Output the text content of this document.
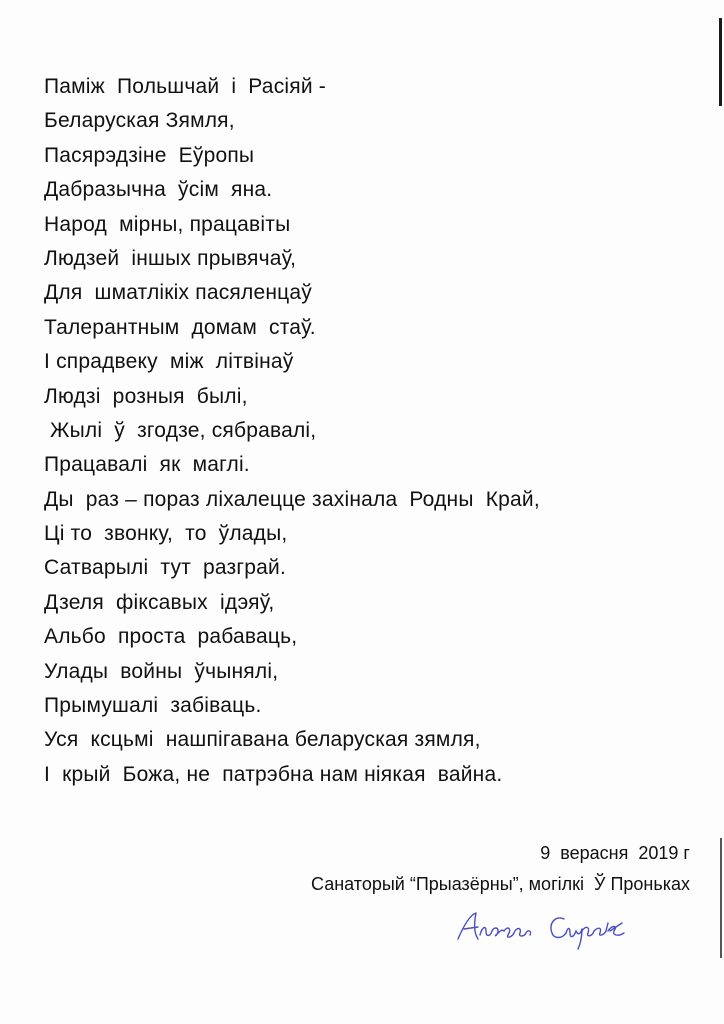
Паміж  Польшчай  і  Расіяй -
Беларуская Зямля,
Пасярэдзіне  Еўропы
Дабразычна  ўсім  яна.
Народ  мірны, працавіты
Людзей  іншых прывячаў,
Для  шматлікіх пасяленцаў
Талерантным  домам  стаў.
І спрадвеку  між  літвінаў
Людзі  розныя  былі,
Жылі  ў  згодзе, сябравалі,
Працавалі  як  маглі.
Ды  раз – пораз ліхалецце захінала  Родны  Край,
Ці то  звонку,  то  ўлады,
Сатварылі  тут  разграй.
Дзеля  фіксавых  ідэяў,
Альбо  проста  рабаваць,
Улады  войны  ўчынялі,
Прымушалі  забіваць.
Уся  ксцьмі  нашпігавана беларуская зямля,
І  крый  Божа, не  патрэбна нам ніякая  вайна.
9  верасня  2019 г
Санаторый “Прыазёрны”, могілкі  Ў Проньках
